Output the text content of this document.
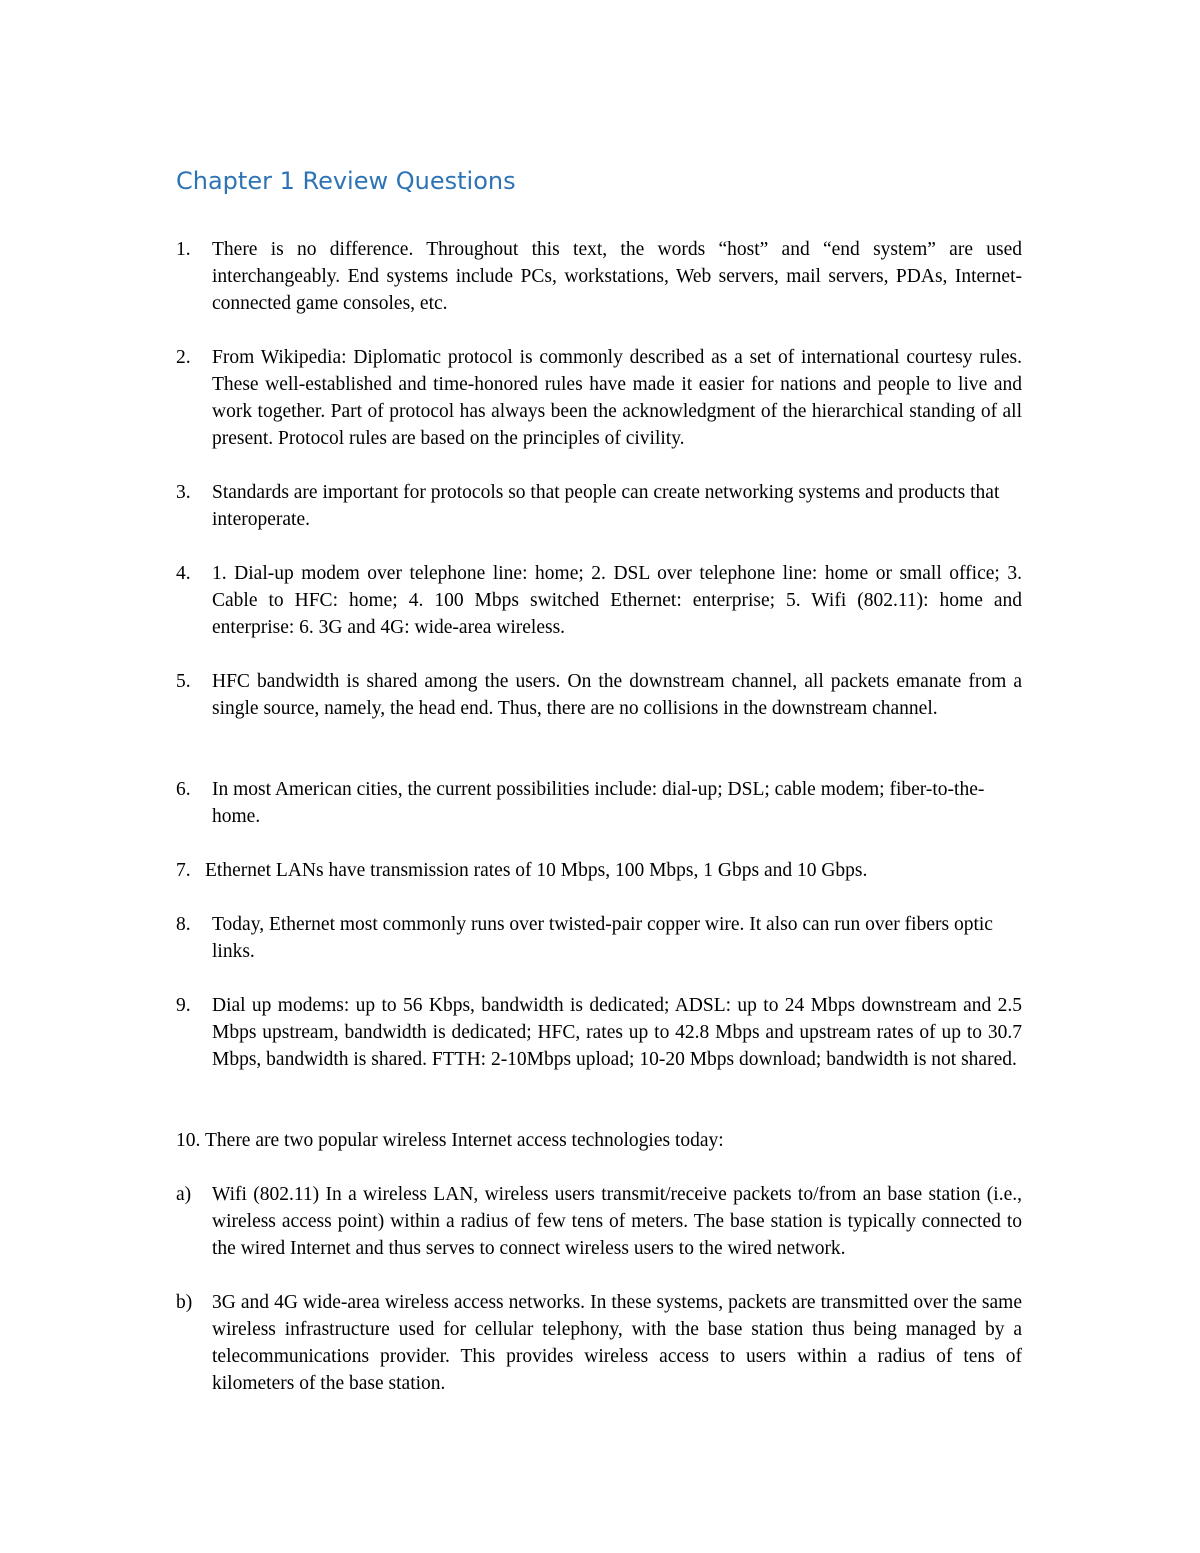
Chapter 1 Review Questions
1. There is no difference. Throughout this text, the words “host” and “end system” are used interchangeably. End systems include PCs, workstations, Web servers, mail servers, PDAs, Internet-connected game consoles, etc.
2. From Wikipedia: Diplomatic protocol is commonly described as a set of international courtesy rules. These well-established and time-honored rules have made it easier for nations and people to live and work together. Part of protocol has always been the acknowledgment of the hierarchical standing of all present. Protocol rules are based on the principles of civility.
3. Standards are important for protocols so that people can create networking systems and products that interoperate.
4. 1. Dial-up modem over telephone line: home; 2. DSL over telephone line: home or small office; 3. Cable to HFC: home; 4. 100 Mbps switched Ethernet: enterprise; 5. Wifi (802.11): home and enterprise: 6. 3G and 4G: wide-area wireless.
5. HFC bandwidth is shared among the users. On the downstream channel, all packets emanate from a single source, namely, the head end. Thus, there are no collisions in the downstream channel.
6. In most American cities, the current possibilities include: dial-up; DSL; cable modem; fiber-to-the-home.
7. Ethernet LANs have transmission rates of 10 Mbps, 100 Mbps, 1 Gbps and 10 Gbps.
8. Today, Ethernet most commonly runs over twisted-pair copper wire. It also can run over fibers optic links.
9. Dial up modems: up to 56 Kbps, bandwidth is dedicated; ADSL: up to 24 Mbps downstream and 2.5 Mbps upstream, bandwidth is dedicated; HFC, rates up to 42.8 Mbps and upstream rates of up to 30.7 Mbps, bandwidth is shared. FTTH: 2-10Mbps upload; 10-20 Mbps download; bandwidth is not shared.
10. There are two popular wireless Internet access technologies today:
a) Wifi (802.11) In a wireless LAN, wireless users transmit/receive packets to/from an base station (i.e., wireless access point) within a radius of few tens of meters. The base station is typically connected to the wired Internet and thus serves to connect wireless users to the wired network.
b) 3G and 4G wide-area wireless access networks. In these systems, packets are transmitted over the same wireless infrastructure used for cellular telephony, with the base station thus being managed by a telecommunications provider. This provides wireless access to users within a radius of tens of kilometers of the base station.
